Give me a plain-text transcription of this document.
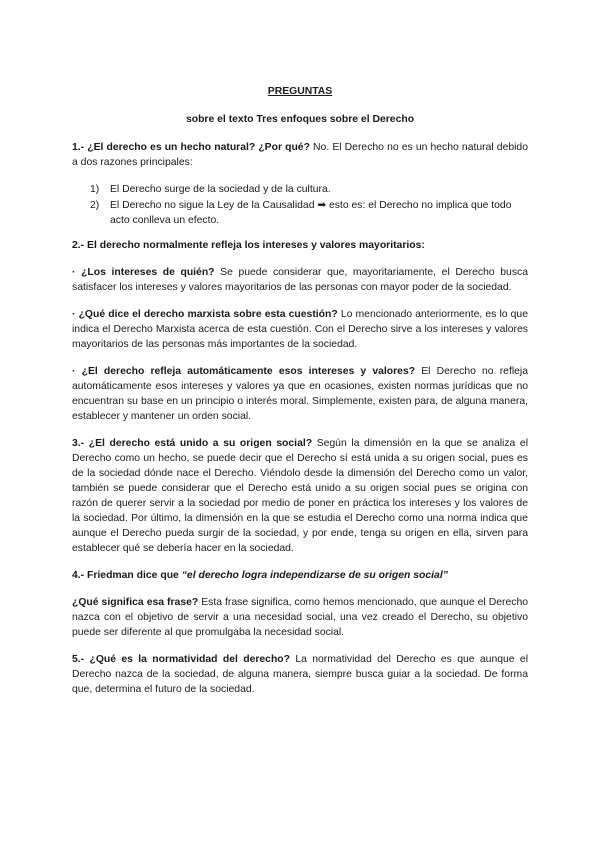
PREGUNTAS
sobre el texto Tres enfoques sobre el Derecho

1.- ¿El derecho es un hecho natural? ¿Por qué? No. El Derecho no es un hecho natural debido a dos razones principales:

1) El Derecho surge de la sociedad y de la cultura.
2) El Derecho no sigue la Ley de la Causalidad ➡ esto es: el Derecho no implica que todo acto conlleva un efecto.
2.- El derecho normalmente refleja los intereses y valores mayoritarios:

· ¿Los intereses de quién? Se puede considerar que, mayoritariamente, el Derecho busca satisfacer los intereses y valores mayoritarios de las personas con mayor poder de la sociedad.

· ¿Qué dice el derecho marxista sobre esta cuestión? Lo mencionado anteriormente, es lo que indica el Derecho Marxista acerca de esta cuestión. Con el Derecho sirve a los intereses y valores mayoritarios de las personas más importantes de la sociedad.

· ¿El derecho refleja automáticamente esos intereses y valores? El Derecho no refleja automáticamente esos intereses y valores ya que en ocasiones, existen normas jurídicas que no encuentran su base en un principio o interés moral. Simplemente, existen para, de alguna manera, establecer y mantener un orden social.

3.- ¿El derecho está unido a su origen social? Según la dimensión en la que se analiza el Derecho como un hecho, se puede decir que el Derecho sí está unida a su origen social, pues es de la sociedad dónde nace el Derecho. Viéndolo desde la dimensión del Derecho como un valor, también se puede considerar que el Derecho está unido a su origen social pues se origina con razón de querer servir a la sociedad por medio de poner en práctica los intereses y los valores de la sociedad. Por último, la dimensión en la que se estudia el Derecho como una norma indica que aunque el Derecho pueda surgir de la sociedad, y por ende, tenga su origen en ella, sirven para establecer qué se debería hacer en la sociedad.

4.- Friedman dice que “el derecho logra independizarse de su origen social”

¿Qué significa esa frase? Esta frase significa, como hemos mencionado, que aunque el Derecho nazca con el objetivo de servir a una necesidad social, una vez creado el Derecho, su objetivo puede ser diferente al que promulgaba la necesidad social.

5.- ¿Qué es la normatividad del derecho? La normatividad del Derecho es que aunque el Derecho nazca de la sociedad, de alguna manera, siempre busca guiar a la sociedad. De forma que, determina el futuro de la sociedad.
